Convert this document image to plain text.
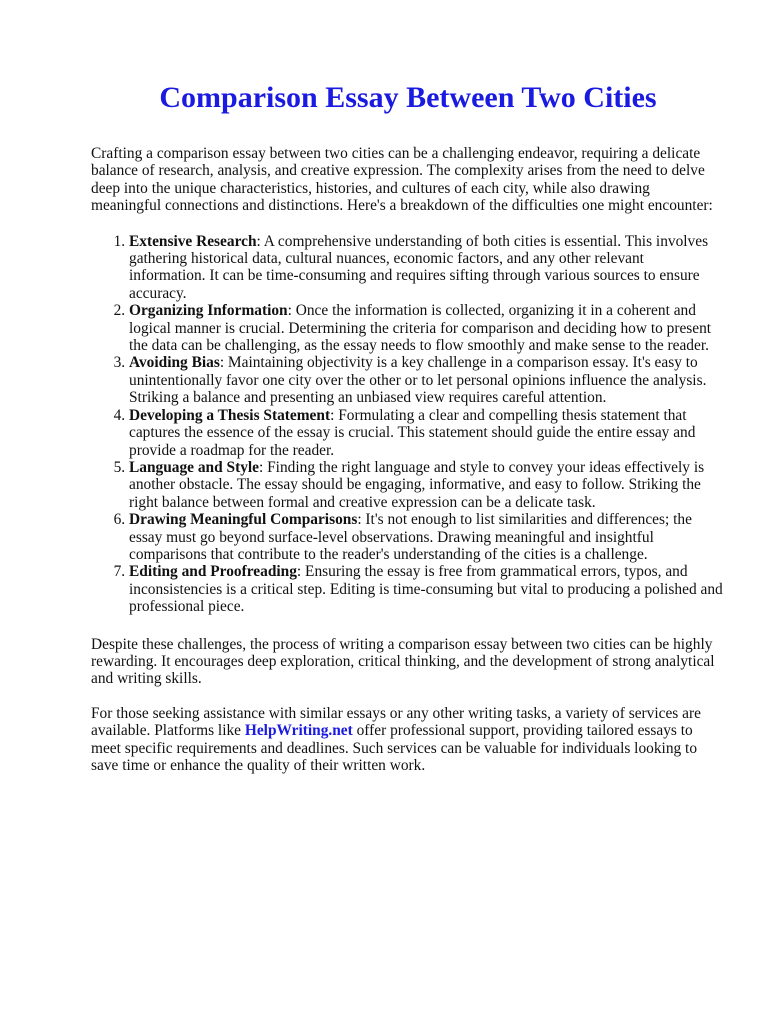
Comparison Essay Between Two Cities

Crafting a comparison essay between two cities can be a challenging endeavor, requiring a delicate balance of research, analysis, and creative expression. The complexity arises from the need to delve deep into the unique characteristics, histories, and cultures of each city, while also drawing meaningful connections and distinctions. Here's a breakdown of the difficulties one might encounter:

1. Extensive Research: A comprehensive understanding of both cities is essential. This involves gathering historical data, cultural nuances, economic factors, and any other relevant information. It can be time-consuming and requires sifting through various sources to ensure accuracy.
2. Organizing Information: Once the information is collected, organizing it in a coherent and logical manner is crucial. Determining the criteria for comparison and deciding how to present the data can be challenging, as the essay needs to flow smoothly and make sense to the reader.
3. Avoiding Bias: Maintaining objectivity is a key challenge in a comparison essay. It's easy to unintentionally favor one city over the other or to let personal opinions influence the analysis. Striking a balance and presenting an unbiased view requires careful attention.
4. Developing a Thesis Statement: Formulating a clear and compelling thesis statement that captures the essence of the essay is crucial. This statement should guide the entire essay and provide a roadmap for the reader.
5. Language and Style: Finding the right language and style to convey your ideas effectively is another obstacle. The essay should be engaging, informative, and easy to follow. Striking the right balance between formal and creative expression can be a delicate task.
6. Drawing Meaningful Comparisons: It's not enough to list similarities and differences; the essay must go beyond surface-level observations. Drawing meaningful and insightful comparisons that contribute to the reader's understanding of the cities is a challenge.
7. Editing and Proofreading: Ensuring the essay is free from grammatical errors, typos, and inconsistencies is a critical step. Editing is time-consuming but vital to producing a polished and professional piece.

Despite these challenges, the process of writing a comparison essay between two cities can be highly rewarding. It encourages deep exploration, critical thinking, and the development of strong analytical and writing skills.

For those seeking assistance with similar essays or any other writing tasks, a variety of services are available. Platforms like HelpWriting.net offer professional support, providing tailored essays to meet specific requirements and deadlines. Such services can be valuable for individuals looking to save time or enhance the quality of their written work.
